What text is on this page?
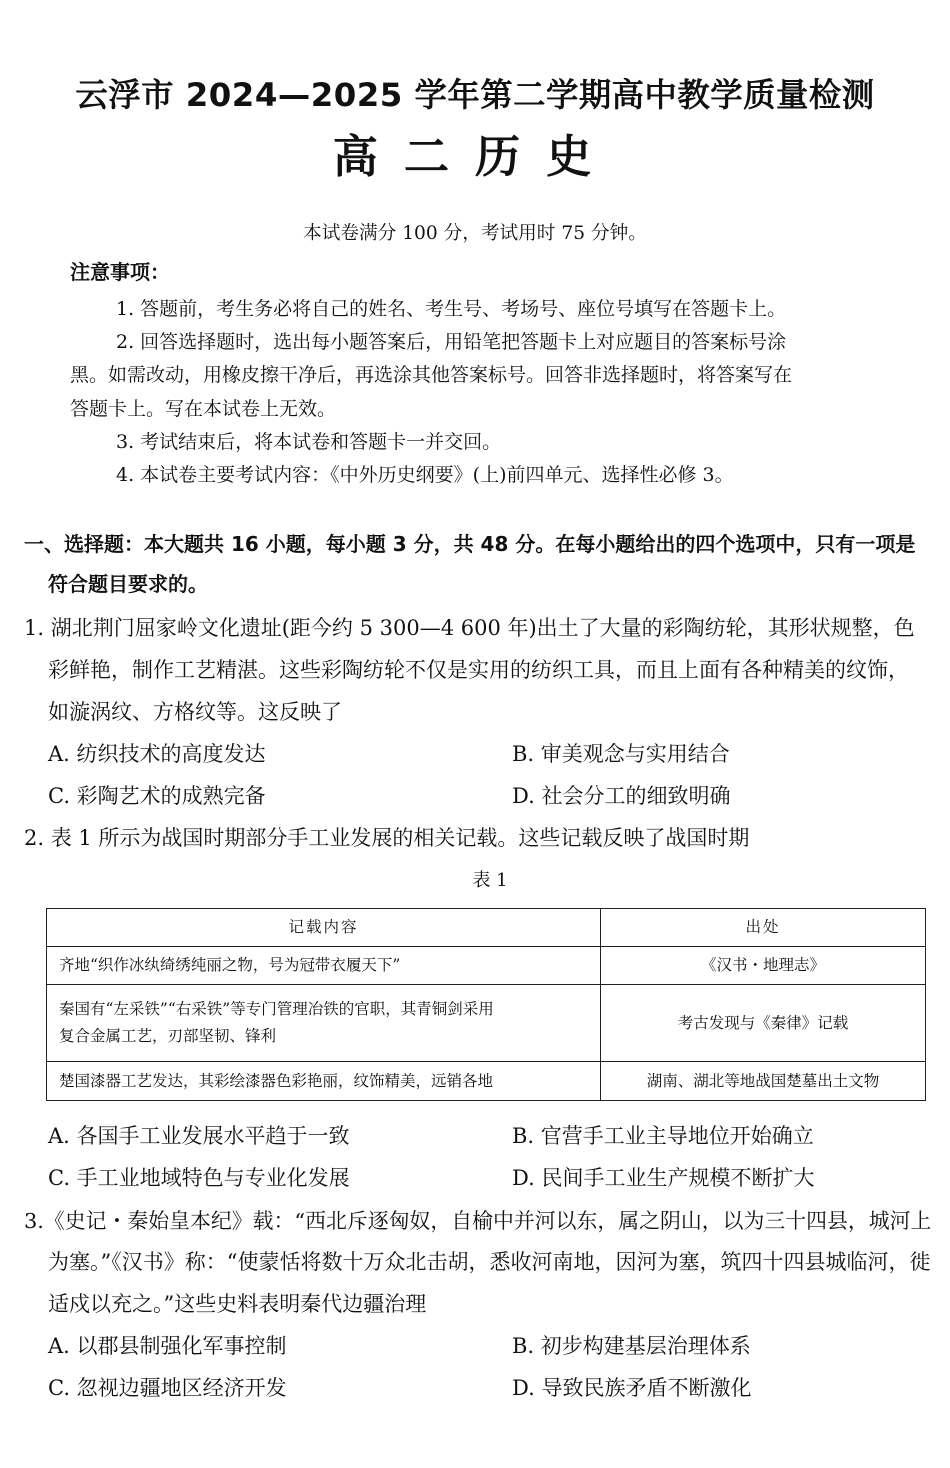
云浮市 2024—2025 学年第二学期高中教学质量检测
高二历史
本试卷满分 100 分，考试用时 75 分钟。
注意事项：
1. 答题前，考生务必将自己的姓名、考生号、考场号、座位号填写在答题卡上。
2. 回答选择题时，选出每小题答案后，用铅笔把答题卡上对应题目的答案标号涂
黑。如需改动，用橡皮擦干净后，再选涂其他答案标号。回答非选择题时，将答案写在
答题卡上。写在本试卷上无效。
3. 考试结束后，将本试卷和答题卡一并交回。
4. 本试卷主要考试内容：《中外历史纲要》(上)前四单元、选择性必修 3。
一、选择题：本大题共 16 小题，每小题 3 分，共 48 分。在每小题给出的四个选项中，只有一项是
符合题目要求的。
1. 湖北荆门屈家岭文化遗址(距今约 5 300—4 600 年)出土了大量的彩陶纺轮，其形状规整，色
彩鲜艳，制作工艺精湛。这些彩陶纺轮不仅是实用的纺织工具，而且上面有各种精美的纹饰，
如漩涡纹、方格纹等。这反映了
A. 纺织技术的高度发达	B. 审美观念与实用结合
C. 彩陶艺术的成熟完备	D. 社会分工的细致明确
2. 表 1 所示为战国时期部分手工业发展的相关记载。这些记载反映了战国时期
表 1
记载内容	出处
齐地“织作冰纨绮绣纯丽之物，号为冠带衣履天下”	《汉书・地理志》

秦国有“左采铁”“右采铁”等专门管理冶铁的官职，其青铜剑采用
复合金属工艺，刃部坚韧、锋利	考古发现与《秦律》记载
楚国漆器工艺发达，其彩绘漆器色彩艳丽，纹饰精美，远销各地	湖南、湖北等地战国楚墓出土文物
A. 各国手工业发展水平趋于一致	B. 官营手工业主导地位开始确立
C. 手工业地域特色与专业化发展	D. 民间手工业生产规模不断扩大
3.《史记・秦始皇本纪》载：“西北斥逐匈奴，自榆中并河以东，属之阴山，以为三十四县，城河上
为塞。”《汉书》称：“使蒙恬将数十万众北击胡，悉收河南地，因河为塞，筑四十四县城临河，徙
适戍以充之。”这些史料表明秦代边疆治理
A. 以郡县制强化军事控制	B. 初步构建基层治理体系
C. 忽视边疆地区经济开发	D. 导致民族矛盾不断激化
